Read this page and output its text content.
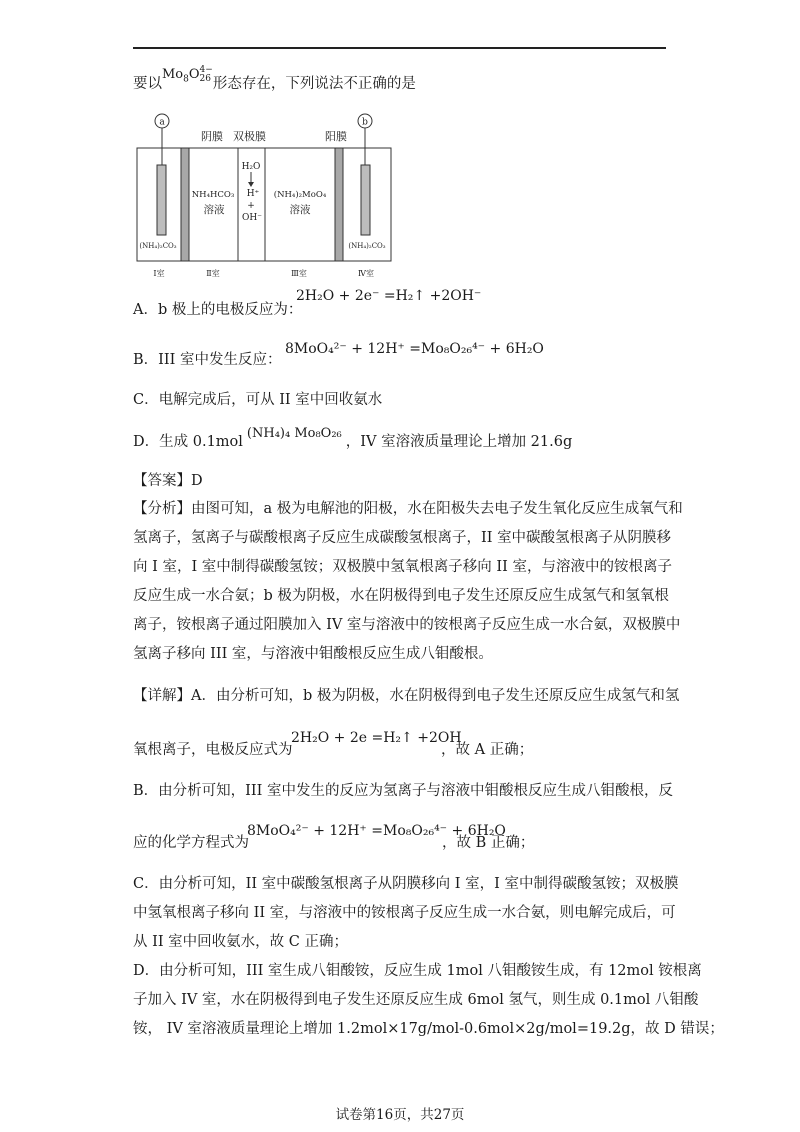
要以$Mo_8O$ 4−
26 形态存在，下列说法不正确的是
a	b
阴膜 双极膜	阳膜
H₂O
H⁺
+
OH⁻
NH₄HCO₃
溶液
(NH₄)₂MoO₄
溶液
(NH₄)₂CO₃	(NH₄)₂CO₃
Ⅰ室	Ⅱ室	Ⅲ室	Ⅳ室
A．b 极上的电极反应为：
2H₂O + 2e⁻ =H₂↑ +2OH⁻
B．III 室中发生反应：
8MoO₄²⁻ + 12H⁺ =Mo₈O₂₆⁴⁻ + 6H₂O
C．电解完成后，可从 II 室中回收氨水
D．生成 0.1mol(NH₄)₄ Mo₈O₂₆，IV 室溶液质量理论上增加 21.6g
【答案】D
【分析】由图可知，a 极为电解池的阳极，水在阳极失去电子发生氧化反应生成氧气和
氢离子，氢离子与碳酸根离子反应生成碳酸氢根离子，II 室中碳酸氢根离子从阴膜移
向 I 室，I 室中制得碳酸氢铵；双极膜中氢氧根离子移向 II 室，与溶液中的铵根离子
反应生成一水合氨；b 极为阴极，水在阴极得到电子发生还原反应生成氢气和氢氧根
离子，铵根离子通过阳膜加入 IV 室与溶液中的铵根离子反应生成一水合氨，双极膜中
氢离子移向 III 室，与溶液中钼酸根反应生成八钼酸根。
【详解】A．由分析可知，b 极为阴极，水在阴极得到电子发生还原反应生成氢气和氢
氧根离子，电极反应式为
2H₂O + 2e =H₂↑ +2OH
，故 A 正确；
B．由分析可知，III 室中发生的反应为氢离子与溶液中钼酸根反应生成八钼酸根，反
应的化学方程式为
8MoO₄²⁻ + 12H⁺ =Mo₈O₂₆⁴⁻ + 6H₂O
，故 B 正确；
C．由分析可知，II 室中碳酸氢根离子从阴膜移向 I 室，I 室中制得碳酸氢铵；双极膜
中氢氧根离子移向 II 室，与溶液中的铵根离子反应生成一水合氨，则电解完成后，可
从 II 室中回收氨水，故 C 正确；
D．由分析可知，III 室生成八钼酸铵，反应生成 1mol 八钼酸铵生成，有 12mol 铵根离
子加入 IV 室，水在阴极得到电子发生还原反应生成 6mol 氢气，则生成 0.1mol 八钼酸
铵， IV 室溶液质量理论上增加 1.2mol×17g/mol-0.6mol×2g/mol=19.2g，故 D 错误；
试卷第16页，共27页
